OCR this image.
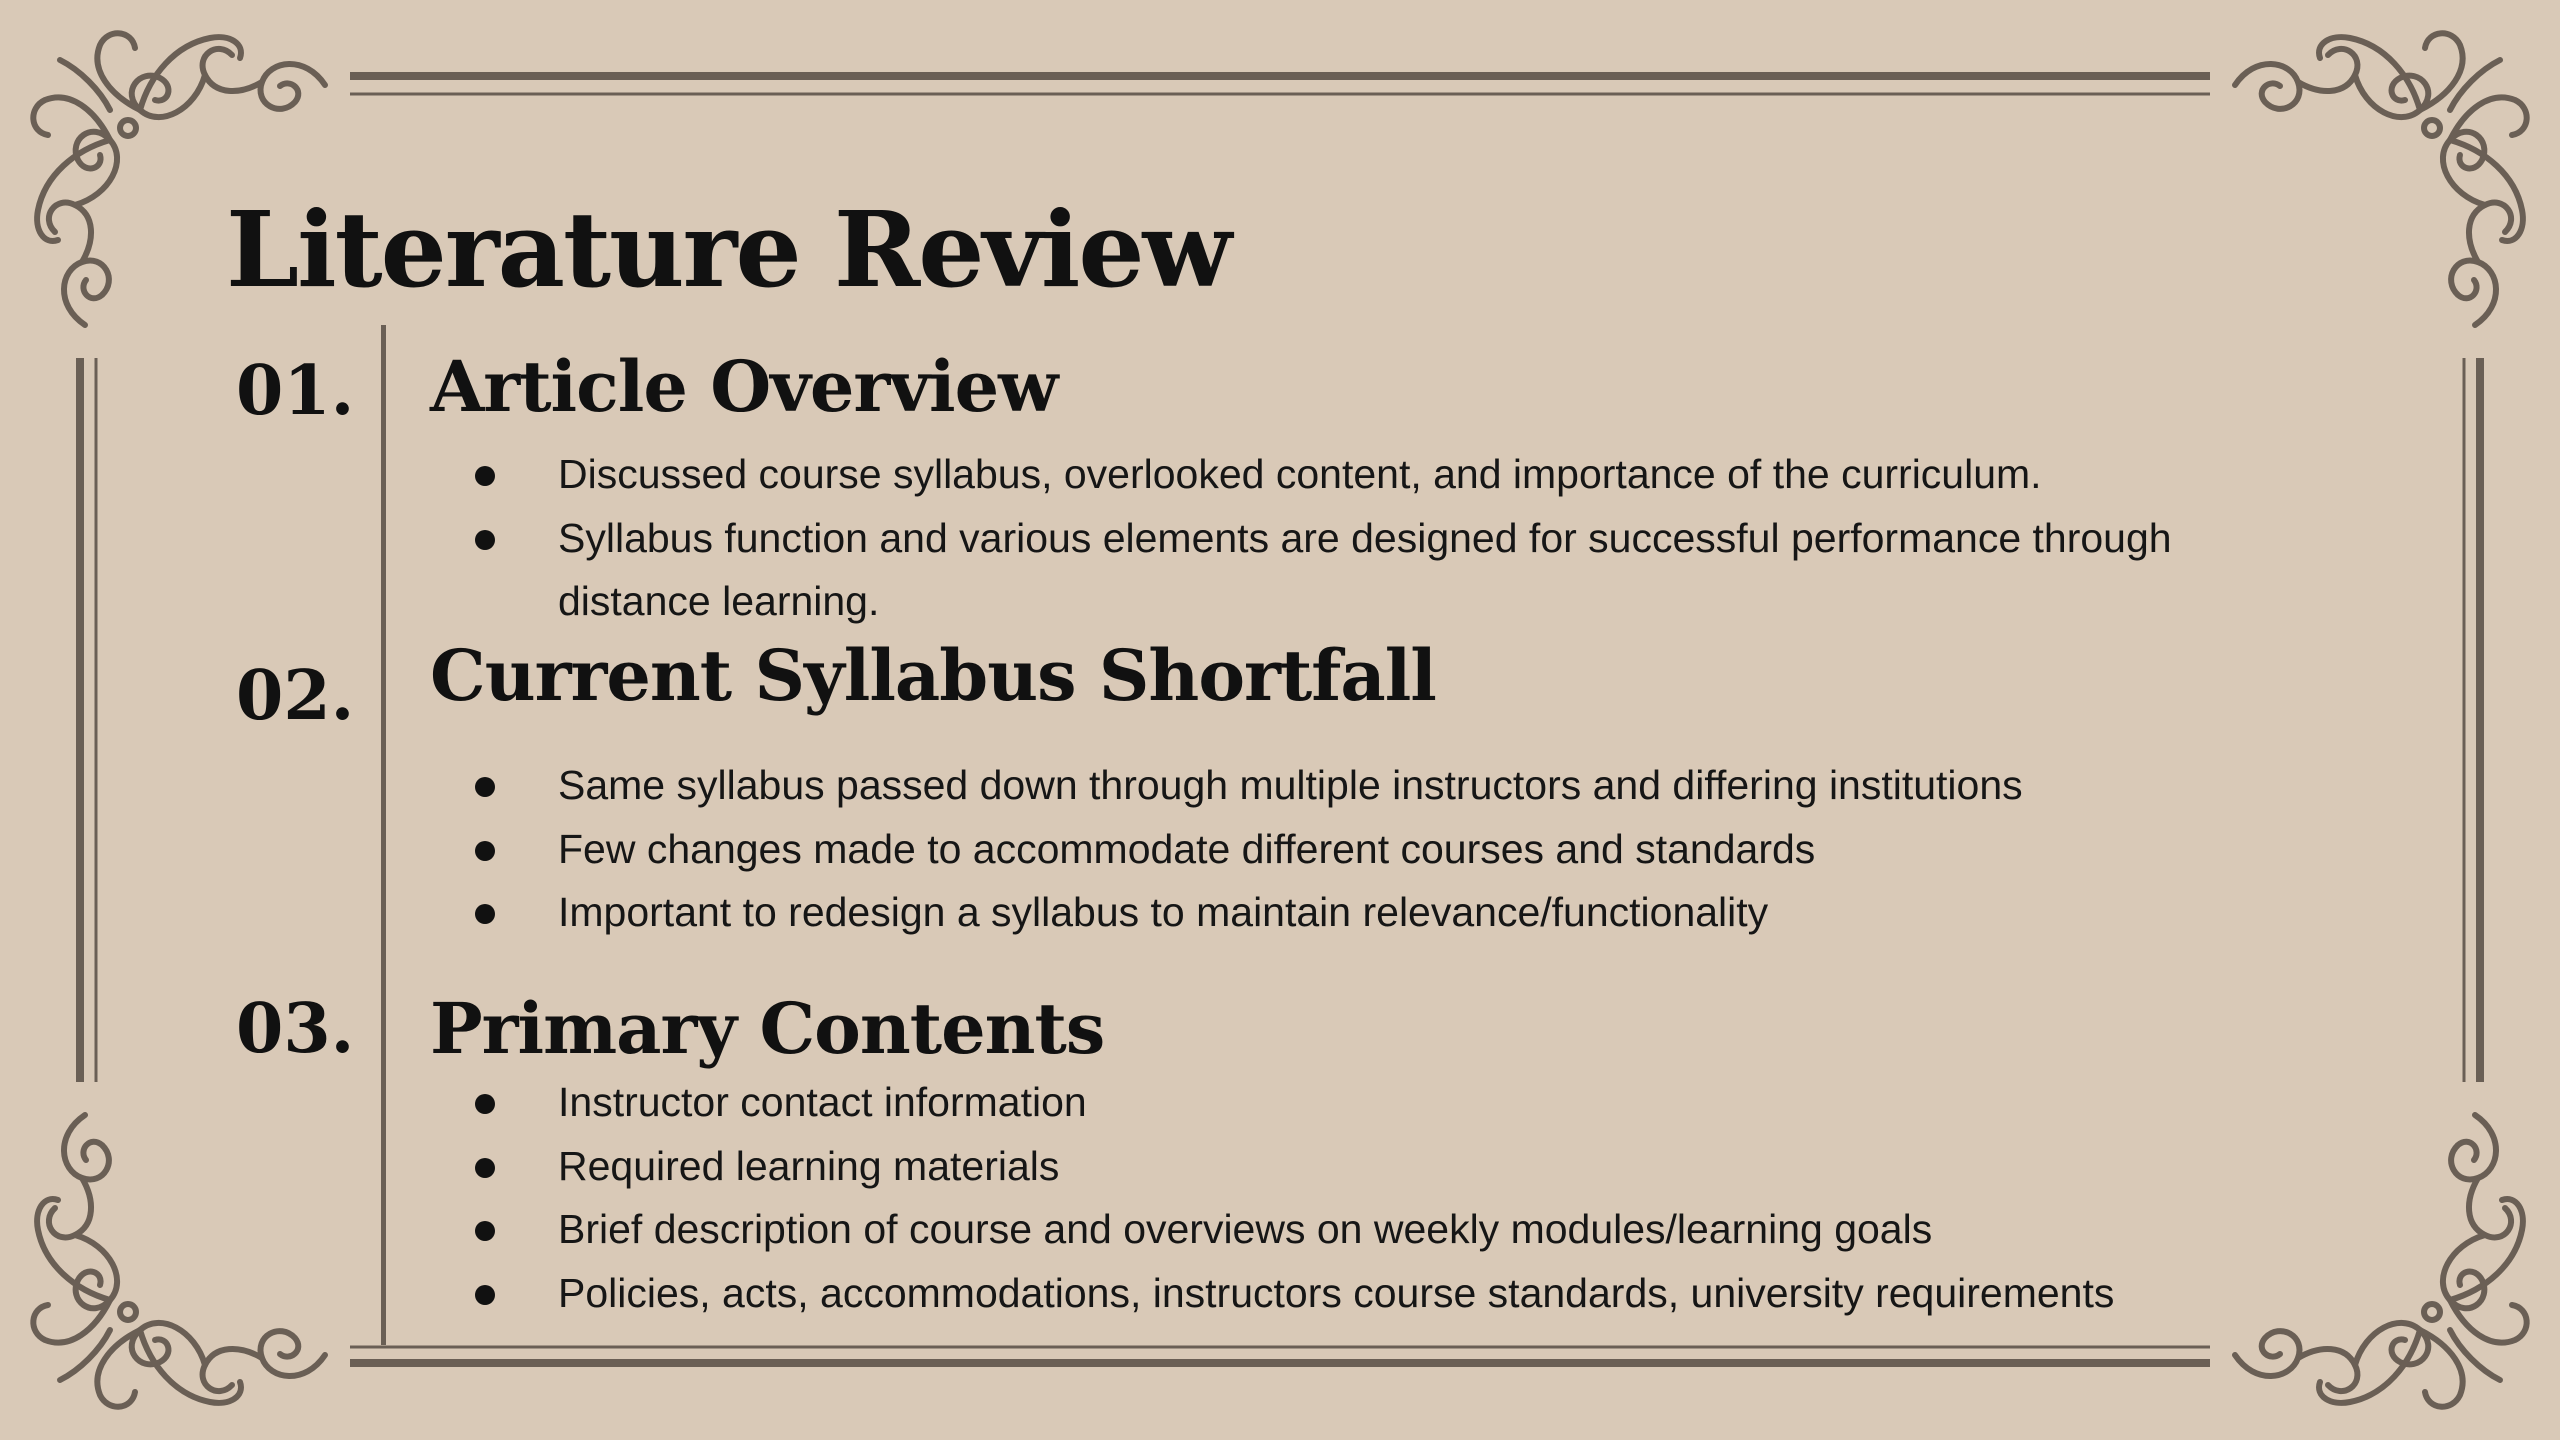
Literature Review
01. Article Overview
Discussed course syllabus, overlooked content, and importance of the curriculum.
Syllabus function and various elements are designed for successful performance through distance learning.
02. Current Syllabus Shortfall
Same syllabus passed down through multiple instructors and differing institutions
Few changes made to accommodate different courses and standards
Important to redesign a syllabus to maintain relevance/functionality
03. Primary Contents
Instructor contact information
Required learning materials
Brief description of course and overviews on weekly modules/learning goals
Policies, acts, accommodations, instructors course standards, university requirements
